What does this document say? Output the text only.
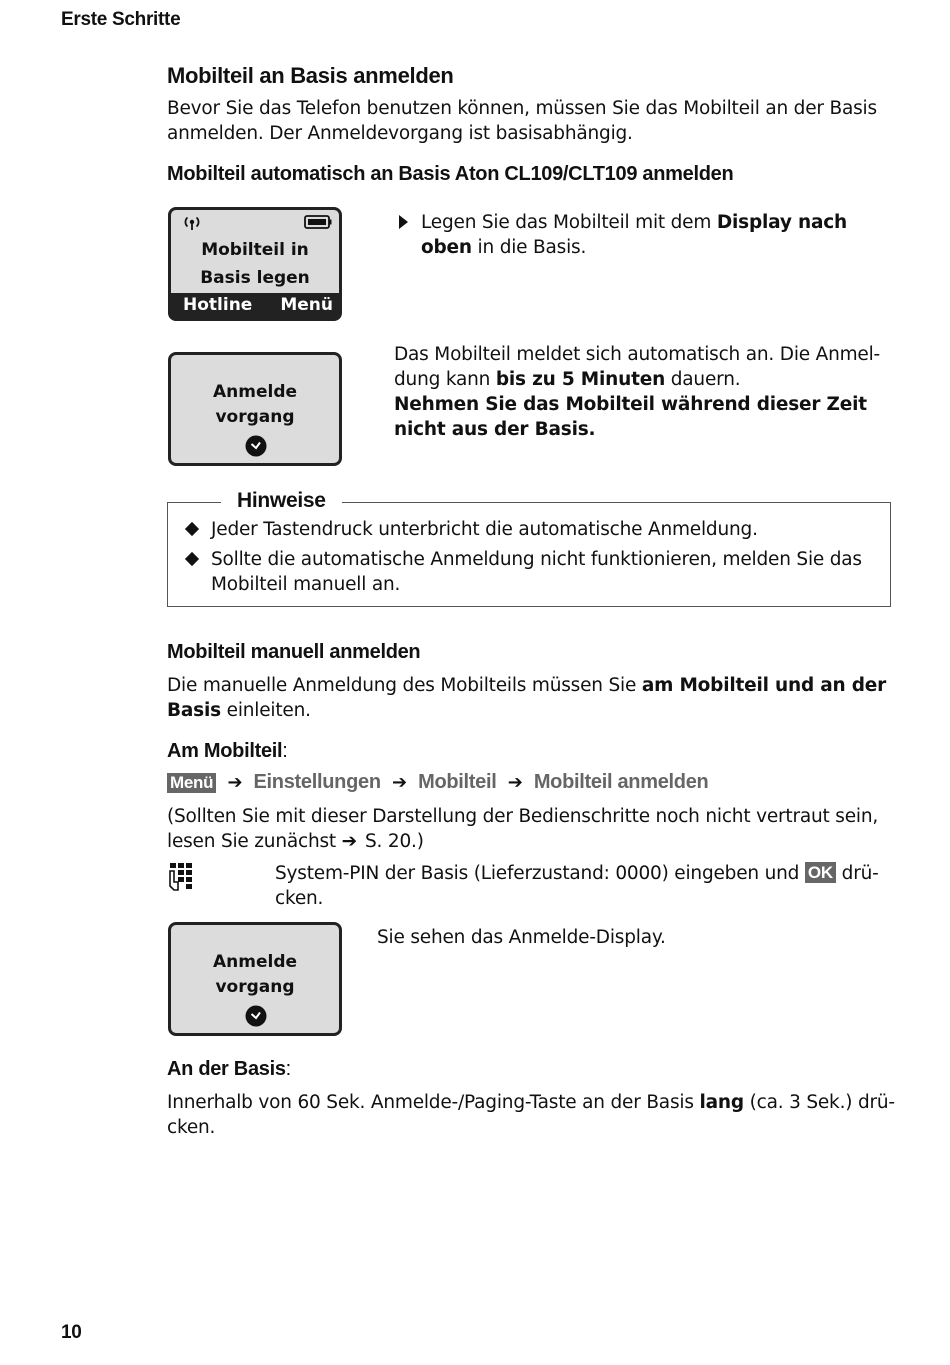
Erste Schritte
Mobilteil an Basis anmelden
Bevor Sie das Telefon benutzen können, müssen Sie das Mobilteil an der Basis
anmelden. Der Anmeldevorgang ist basisabhängig.
Mobilteil automatisch an Basis Aton CL109/CLT109 anmelden
Mobilteil in
Basis legen
Hotline Menü
Legen Sie das Mobilteil mit dem Display nach
oben in die Basis.
Anmelde
vorgang
Das Mobilteil meldet sich automatisch an. Die Anmel-
dung kann bis zu 5 Minuten dauern.
Nehmen Sie das Mobilteil während dieser Zeit
nicht aus der Basis.
Hinweise
Jeder Tastendruck unterbricht die automatische Anmeldung.
Sollte die automatische Anmeldung nicht funktionieren, melden Sie das
Mobilteil manuell an.
Mobilteil manuell anmelden
Die manuelle Anmeldung des Mobilteils müssen Sie am Mobilteil und an der
Basis einleiten.
Am Mobilteil:
Menü ➔ Einstellungen ➔ Mobilteil ➔ Mobilteil anmelden
(Sollten Sie mit dieser Darstellung der Bedienschritte noch nicht vertraut sein,
lesen Sie zunächst ➔ S. 20.)
System-PIN der Basis (Lieferzustand: 0000) eingeben und OK drü-
cken.
Anmelde
vorgang
Sie sehen das Anmelde-Display.
An der Basis:
Innerhalb von 60 Sek. Anmelde-/Paging-Taste an der Basis lang (ca. 3 Sek.) drü-
cken.
10
